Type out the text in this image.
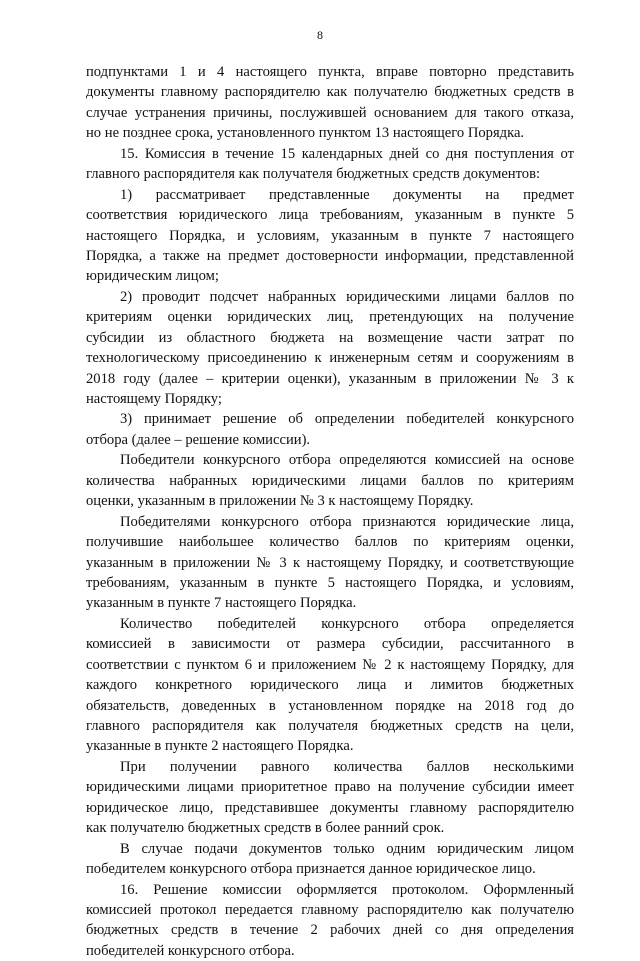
8
подпунктами 1 и 4 настоящего пункта, вправе повторно представить
документы главному распорядителю как получателю бюджетных средств в
случае устранения причины, послужившей основанием для такого отказа,
но не позднее срока, установленного пунктом 13 настоящего Порядка.
15. Комиссия в течение 15 календарных дней со дня поступления от
главного распорядителя как получателя бюджетных средств документов:
1) рассматривает представленные документы на предмет
соответствия юридического лица требованиям, указанным в пункте 5
настоящего Порядка, и условиям, указанным в пункте 7 настоящего
Порядка, а также на предмет достоверности информации, представленной
юридическим лицом;
2) проводит подсчет набранных юридическими лицами баллов по
критериям оценки юридических лиц, претендующих на получение
субсидии из областного бюджета на возмещение части затрат по
технологическому присоединению к инженерным сетям и сооружениям в
2018 году (далее – критерии оценки), указанным в приложении № 3 к
настоящему Порядку;
3) принимает решение об определении победителей конкурсного
отбора (далее – решение комиссии).
Победители конкурсного отбора определяются комиссией на основе
количества набранных юридическими лицами баллов по критериям
оценки, указанным в приложении № 3 к настоящему Порядку.
Победителями конкурсного отбора признаются юридические лица,
получившие наибольшее количество баллов по критериям оценки,
указанным в приложении № 3 к настоящему Порядку, и соответствующие
требованиям, указанным в пункте 5 настоящего Порядка, и условиям,
указанным в пункте 7 настоящего Порядка.
Количество победителей конкурсного отбора определяется
комиссией в зависимости от размера субсидии, рассчитанного в
соответствии с пунктом 6 и приложением № 2 к настоящему Порядку, для
каждого конкретного юридического лица и лимитов бюджетных
обязательств, доведенных в установленном порядке на 2018 год до
главного распорядителя как получателя бюджетных средств на цели,
указанные в пункте 2 настоящего Порядка.
При получении равного количества баллов несколькими
юридическими лицами приоритетное право на получение субсидии имеет
юридическое лицо, представившее документы главному распорядителю
как получателю бюджетных средств в более ранний срок.
В случае подачи документов только одним юридическим лицом
победителем конкурсного отбора признается данное юридическое лицо.
16. Решение комиссии оформляется протоколом. Оформленный
комиссией протокол передается главному распорядителю как получателю
бюджетных средств в течение 2 рабочих дней со дня определения
победителей конкурсного отбора.
